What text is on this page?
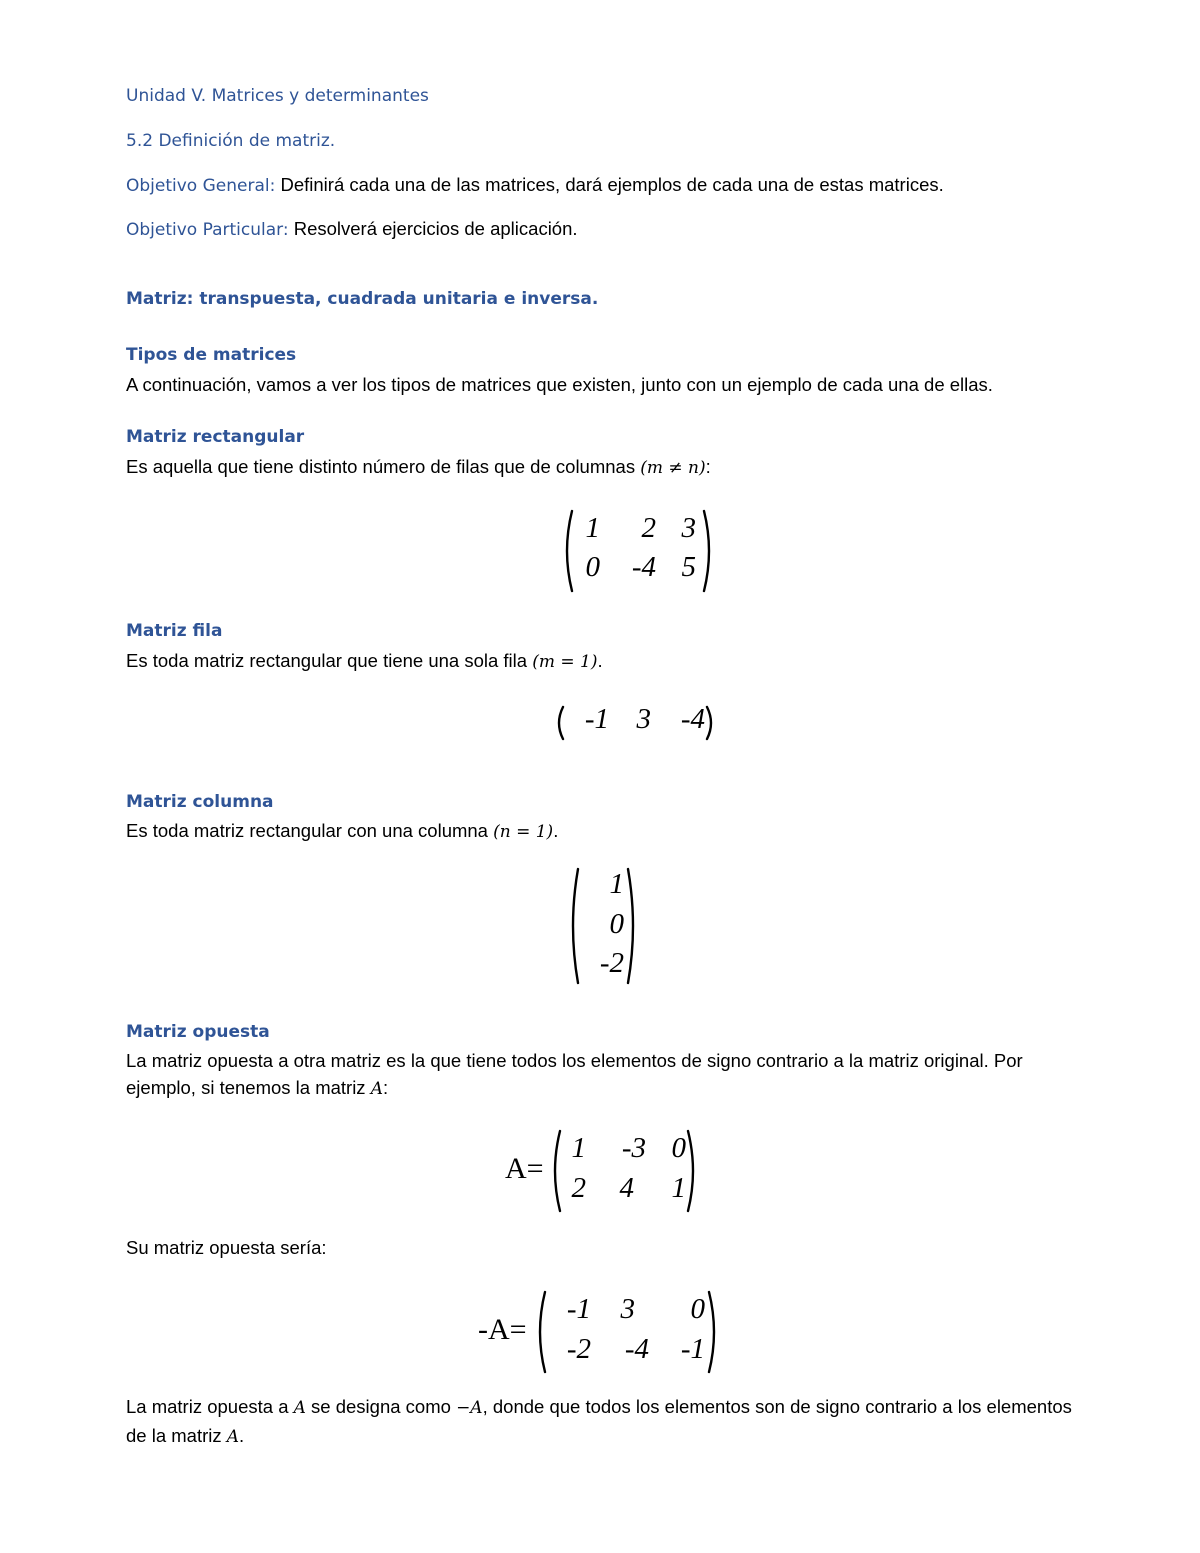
Unidad V. Matrices y determinantes
5.2 Definición de matriz.
Objetivo General: Definirá cada una de las matrices, dará ejemplos de cada una de estas matrices.
Objetivo Particular: Resolverá ejercicios de aplicación.
Matriz: transpuesta, cuadrada unitaria e inversa.
Tipos de matrices
A continuación, vamos a ver los tipos de matrices que existen, junto con un ejemplo de cada una de ellas.
Matriz rectangular
Es aquella que tiene distinto número de filas que de columnas (m ≠ n):
1	2 3
0	-4 5
Matriz fila
Es toda matriz rectangular que tiene una sola fila (m = 1).
-1 3	-4
Matriz columna
Es toda matriz rectangular con una columna (n = 1).
1
0
-2
Matriz opuesta
La matriz opuesta a otra matriz es la que tiene todos los elementos de signo contrario a la matriz original. Por ejemplo, si tenemos la matriz A:
A=
1	-3 0
2	4	1
Su matriz opuesta sería:
-A=
-1	3	0
-2	-4	-1
La matriz opuesta a A se designa como −A, donde que todos los elementos son de signo contrario a los elementos de la matriz A.
